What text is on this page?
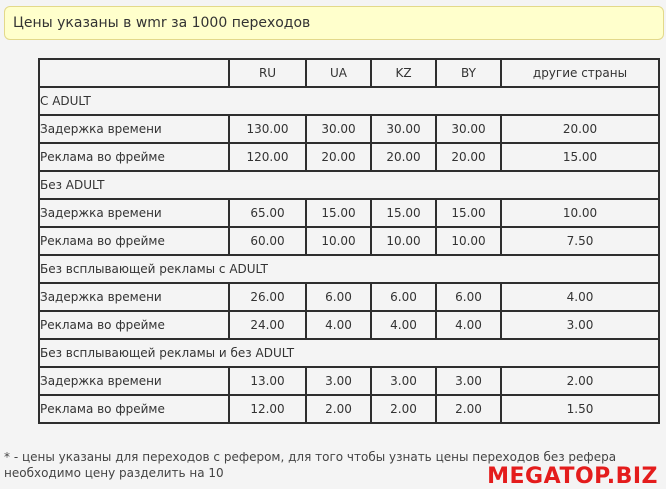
Цены указаны в wmr за 1000 переходов
	RU	UA	KZ	BY	другие страны
С ADULT					
Задержка времени	130.00	30.00	30.00	30.00	20.00
Реклама во фрейме	120.00	20.00	20.00	20.00	15.00
Без ADULT					
Задержка времени	65.00	15.00	15.00	15.00	10.00
Реклама во фрейме	60.00	10.00	10.00	10.00	7.50
Без всплывающей рекламы с ADULT					
Задержка времени	26.00	6.00	6.00	6.00	4.00
Реклама во фрейме	24.00	4.00	4.00	4.00	3.00
Без всплывающей рекламы и без ADULT					
Задержка времени	13.00	3.00	3.00	3.00	2.00
Реклама во фрейме	12.00	2.00	2.00	2.00	1.50
* - цены указаны для переходов с рефером, для того чтобы узнать цены переходов без рефера
необходимо цену разделить на 10	MEGATOP.BIZ
